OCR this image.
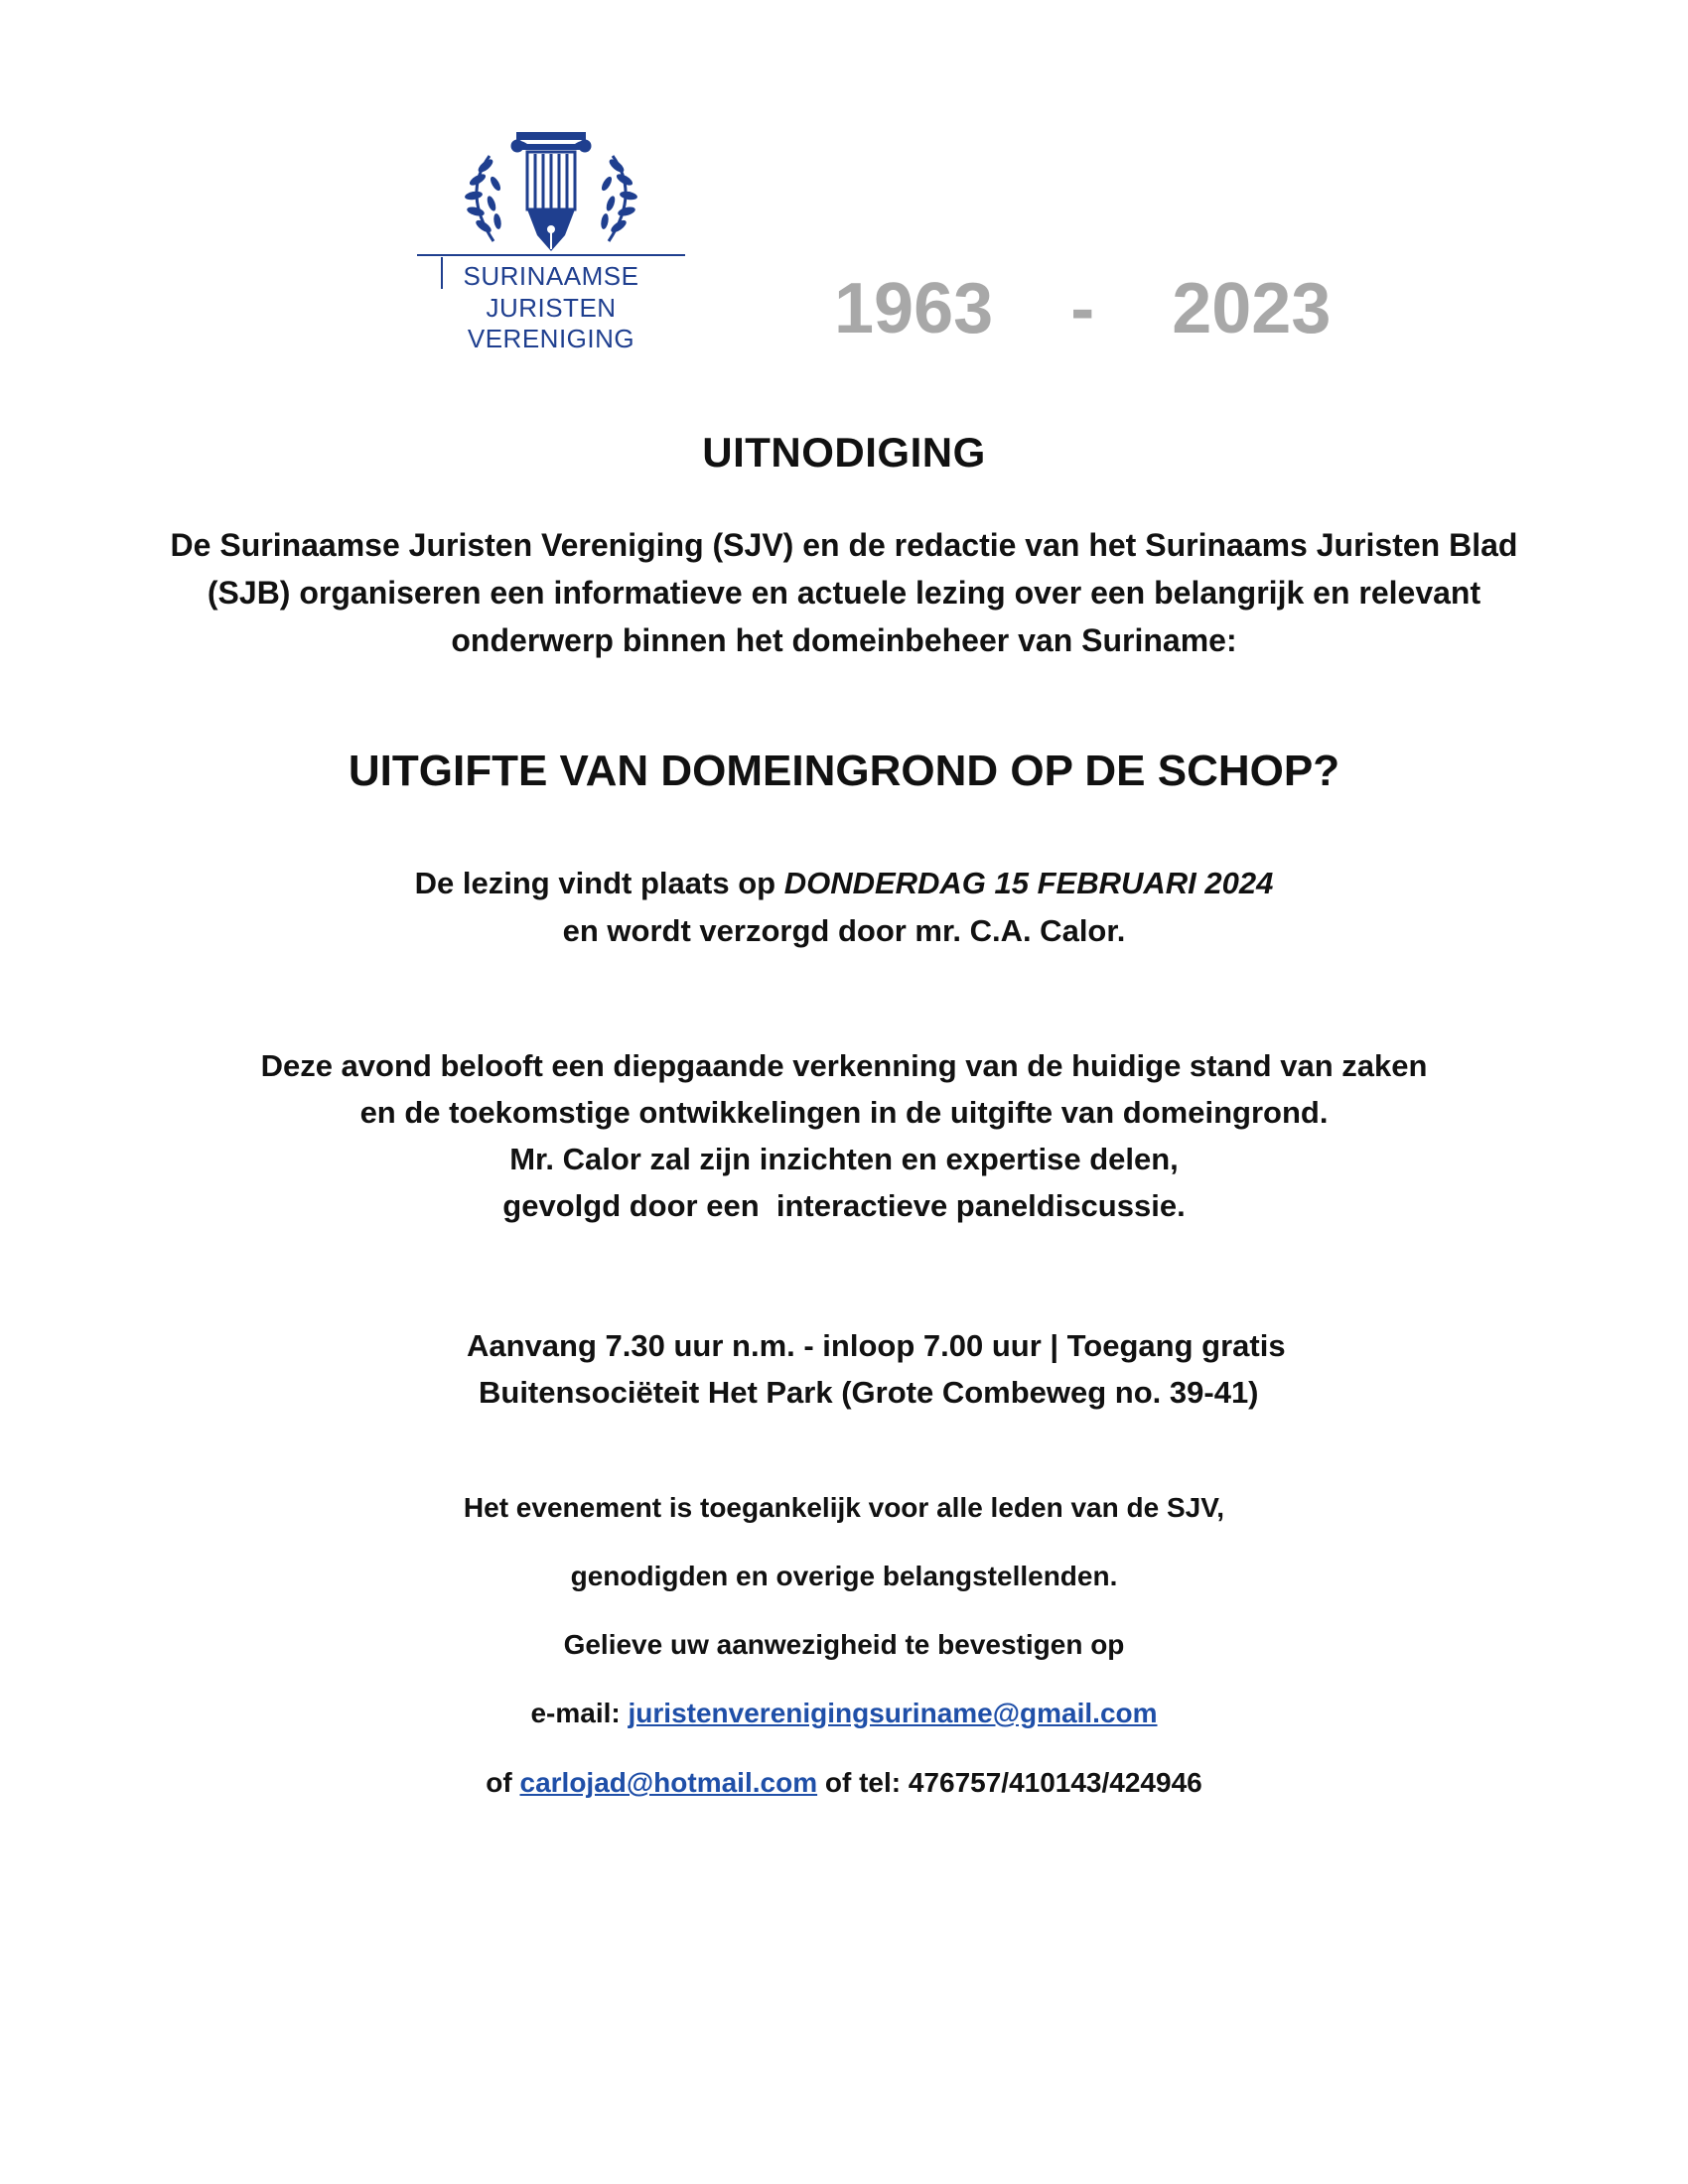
SURINAAMSE
JURISTEN VERENIGING	1963 - 2023
UITNODIGING
De Surinaamse Juristen Vereniging (SJV) en de redactie van het Surinaams Juristen Blad
(SJB) organiseren een informatieve en actuele lezing over een belangrijk en relevant
onderwerp binnen het domeinbeheer van Suriname:
UITGIFTE VAN DOMEINGROND OP DE SCHOP?
De lezing vindt plaats op DONDERDAG 15 FEBRUARI 2024
en wordt verzorgd door mr. C.A. Calor.
Deze avond belooft een diepgaande verkenning van de huidige stand van zaken
en de toekomstige ontwikkelingen in de uitgifte van domeingrond.
Mr. Calor zal zijn inzichten en expertise delen,
gevolgd door een  interactieve paneldiscussie.
Aanvang 7.30 uur n.m. - inloop 7.00 uur | Toegang gratis
Buitensociëteit Het Park (Grote Combeweg no. 39-41)
Het evenement is toegankelijk voor alle leden van de SJV,
genodigden en overige belangstellenden.
Gelieve uw aanwezigheid te bevestigen op
e-mail: juristenverenigingsuriname@gmail.com
of carlojad@hotmail.com of tel: 476757/410143/424946
